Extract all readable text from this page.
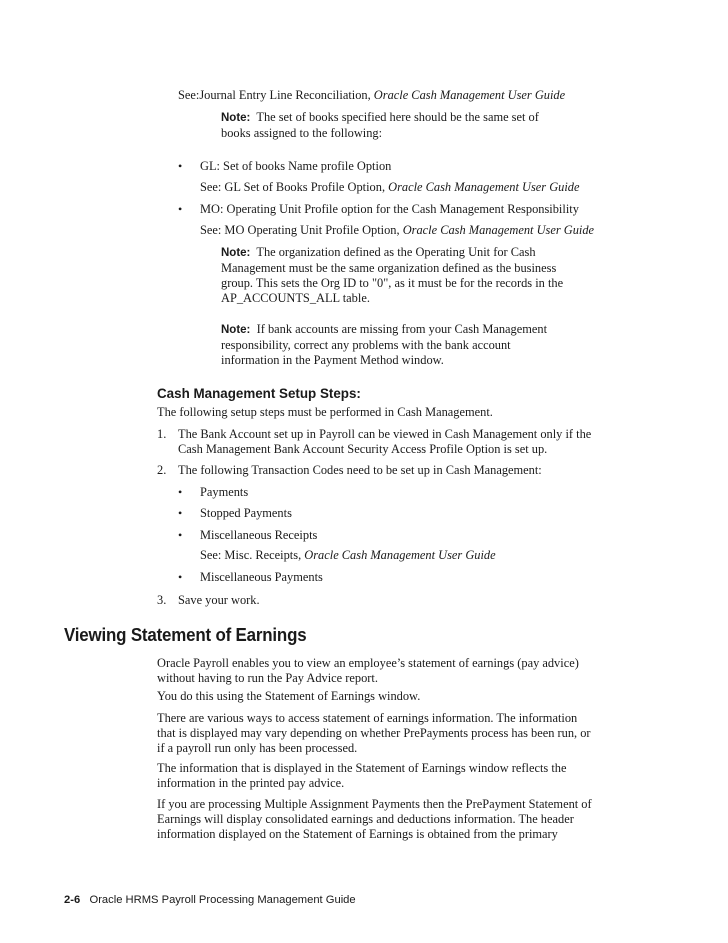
See:Journal Entry Line Reconciliation, Oracle Cash Management User Guide
Note: The set of books specified here should be the same set of
books assigned to the following:
• GL: Set of books Name profile Option
See: GL Set of Books Profile Option, Oracle Cash Management User Guide
• MO: Operating Unit Profile option for the Cash Management Responsibility
See: MO Operating Unit Profile Option, Oracle Cash Management User Guide
Note: The organization defined as the Operating Unit for Cash
Management must be the same organization defined as the business
group. This sets the Org ID to "0", as it must be for the records in the
AP_ACCOUNTS_ALL table.
Note: If bank accounts are missing from your Cash Management
responsibility, correct any problems with the bank account
information in the Payment Method window.
Cash Management Setup Steps:
The following setup steps must be performed in Cash Management.
1. The Bank Account set up in Payroll can be viewed in Cash Management only if the
Cash Management Bank Account Security Access Profile Option is set up.
2. The following Transaction Codes need to be set up in Cash Management:
• Payments
• Stopped Payments
• Miscellaneous Receipts
See: Misc. Receipts, Oracle Cash Management User Guide
• Miscellaneous Payments
3. Save your work.
Viewing Statement of Earnings
Oracle Payroll enables you to view an employee’s statement of earnings (pay advice)
without having to run the Pay Advice report.
You do this using the Statement of Earnings window.
There are various ways to access statement of earnings information. The information
that is displayed may vary depending on whether PrePayments process has been run, or
if a payroll run only has been processed.
The information that is displayed in the Statement of Earnings window reflects the
information in the printed pay advice.
If you are processing Multiple Assignment Payments then the PrePayment Statement of
Earnings will display consolidated earnings and deductions information. The header
information displayed on the Statement of Earnings is obtained from the primary
2-6 Oracle HRMS Payroll Processing Management Guide
